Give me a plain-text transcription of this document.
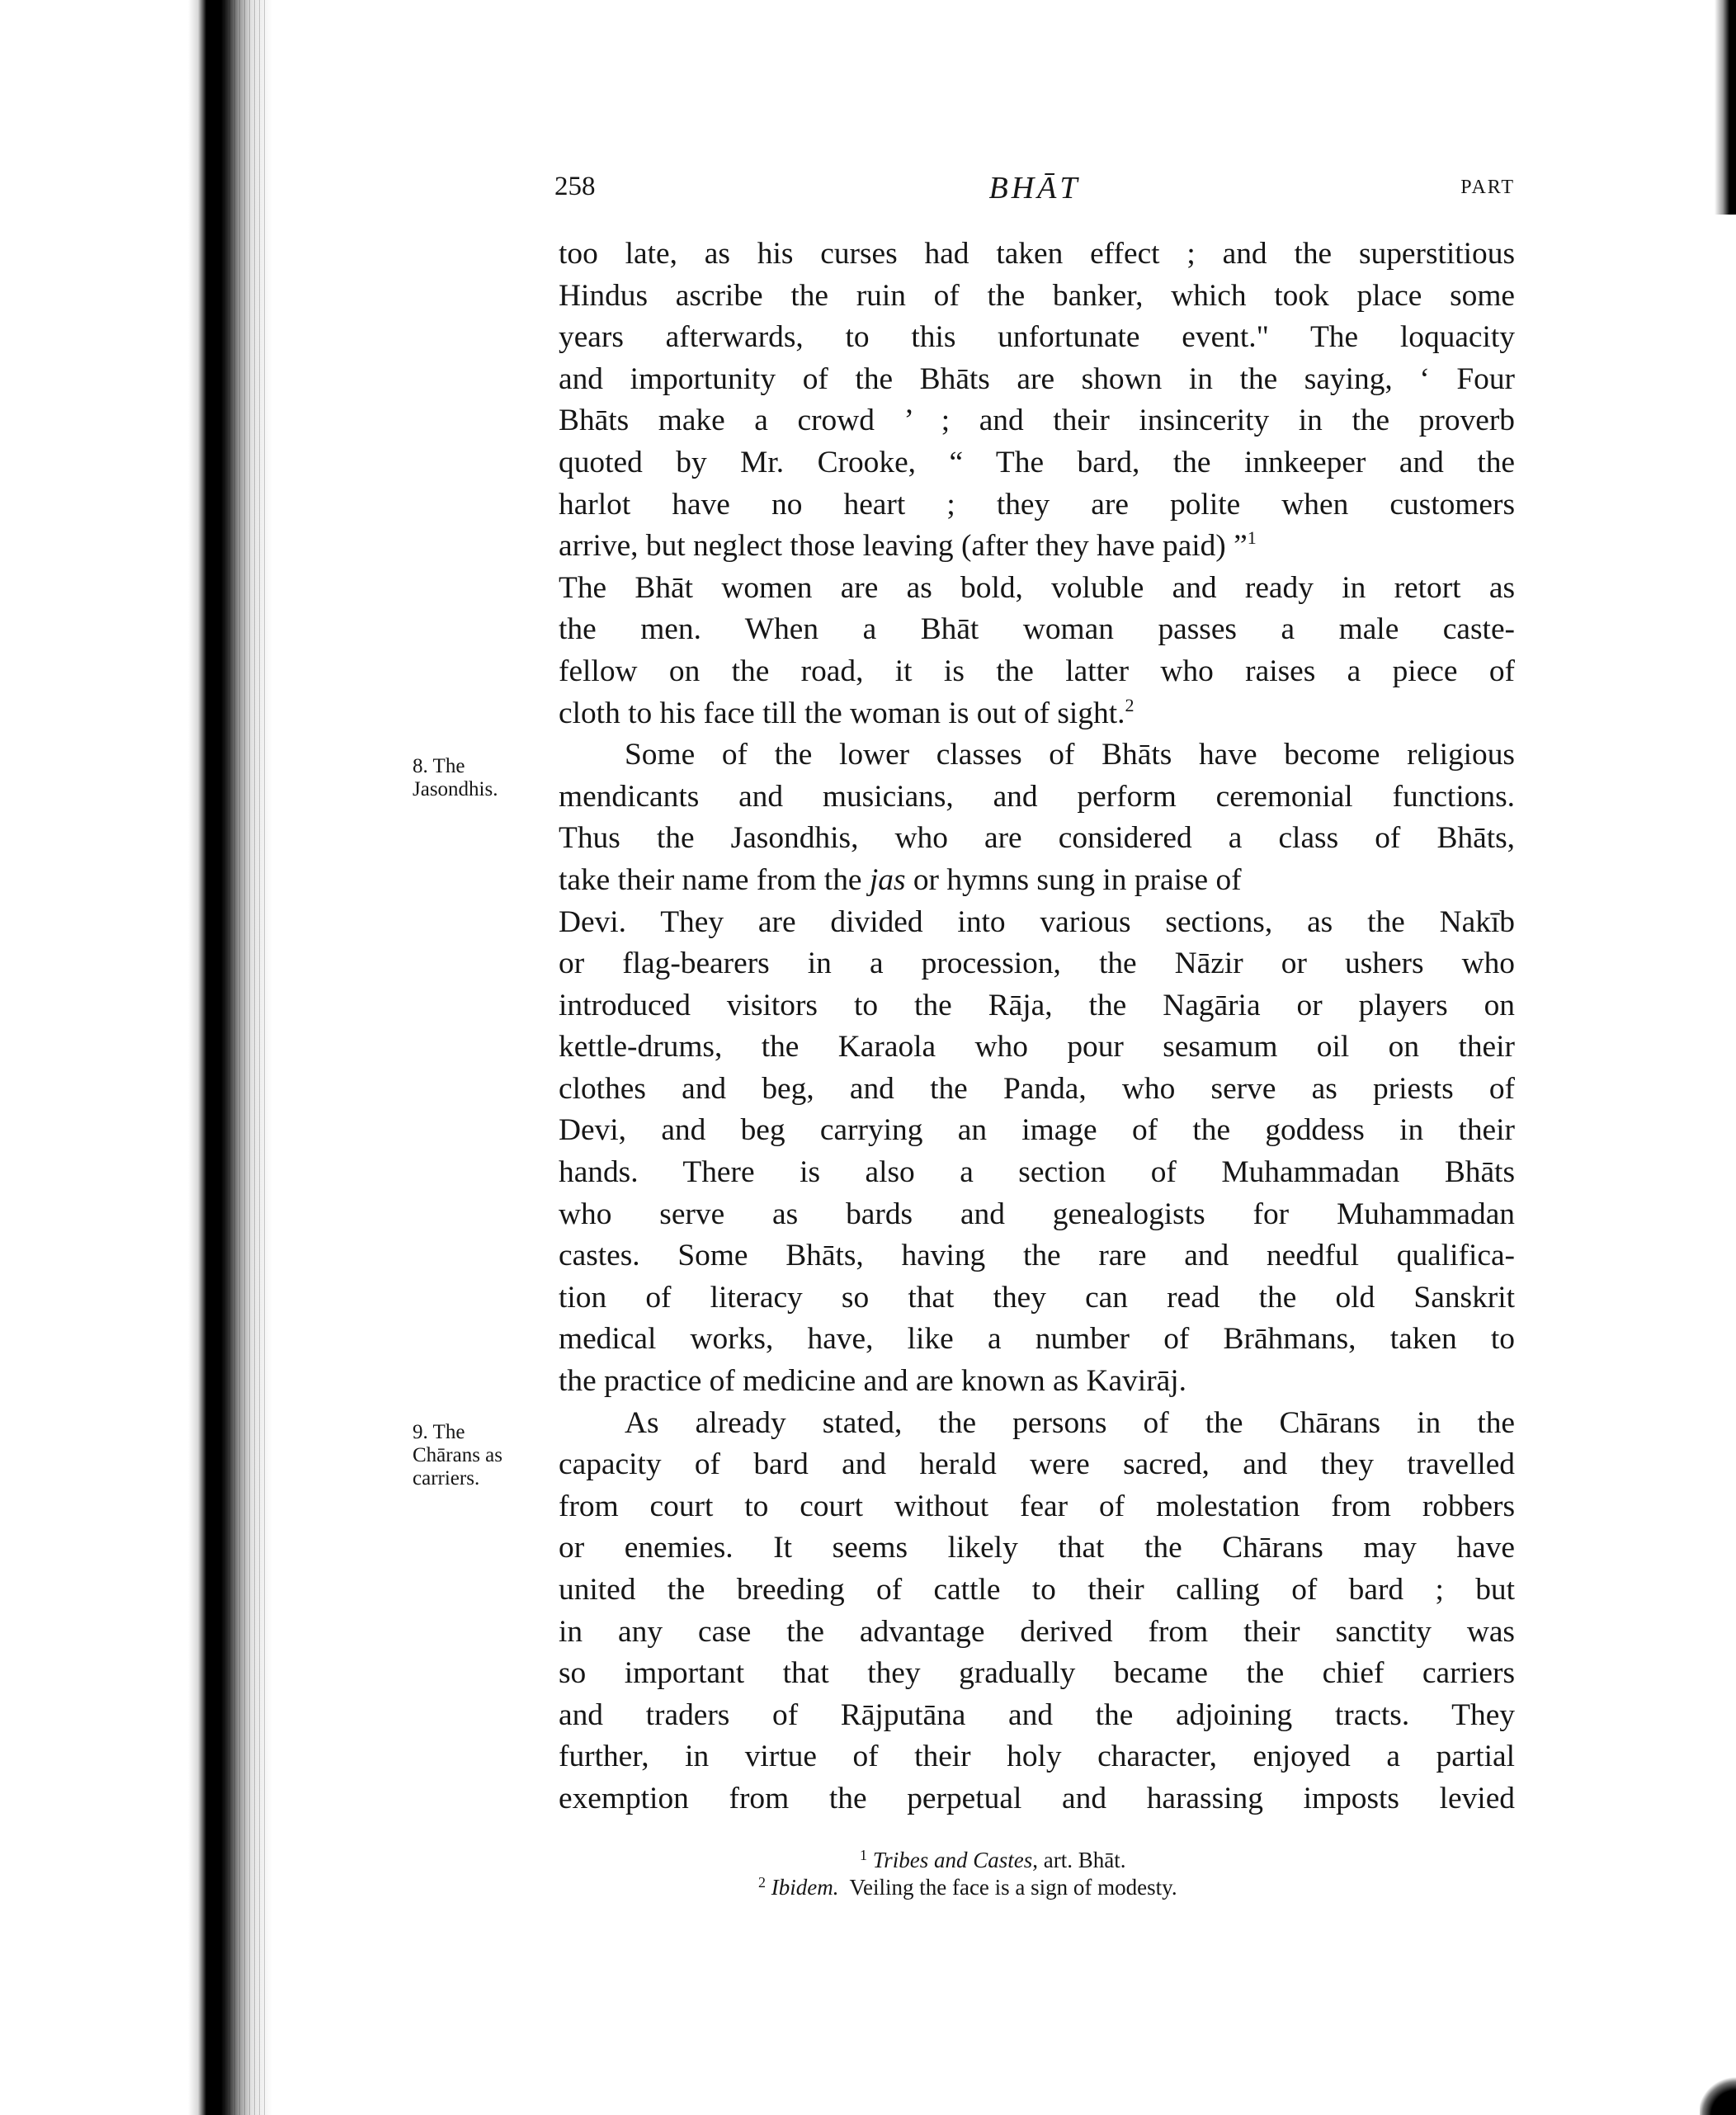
258	BHĀT	PART
8. The
Jasondhis.
9. The
Chārans as
carriers.
too late, as his curses had taken effect ; and the superstitious
Hindus ascribe the ruin of the banker, which took place some
years afterwards, to this unfortunate event." The loquacity
and importunity of the Bhāts are shown in the saying, ‘ Four
Bhāts make a crowd ’ ; and their insincerity in the proverb
quoted by Mr. Crooke, “ The bard, the innkeeper and the
harlot have no heart ; they are polite when customers
arrive, but neglect those leaving (after they have paid) ”$^1$
The Bhāt women are as bold, voluble and ready in retort as
the men. When a Bhāt woman passes a male caste-
fellow on the road, it is the latter who raises a piece of
cloth to his face till the woman is out of sight.$^2$
Some of the lower classes of Bhāts have become religious
mendicants and musicians, and perform ceremonial functions.
Thus the Jasondhis, who are considered a class of Bhāts,
take their name from the jas or hymns sung in praise of
Devi. They are divided into various sections, as the Nakīb
or flag-bearers in a procession, the Nāzir or ushers who
introduced visitors to the Rāja, the Nagāria or players on
kettle-drums, the Karaola who pour sesamum oil on their
clothes and beg, and the Panda, who serve as priests of
Devi, and beg carrying an image of the goddess in their
hands. There is also a section of Muhammadan Bhāts
who serve as bards and genealogists for Muhammadan
castes. Some Bhāts, having the rare and needful qualifica-
tion of literacy so that they can read the old Sanskrit
medical works, have, like a number of Brāhmans, taken to
the practice of medicine and are known as Kavirāj.
As already stated, the persons of the Chārans in the
capacity of bard and herald were sacred, and they travelled
from court to court without fear of molestation from robbers
or enemies. It seems likely that the Chārans may have
united the breeding of cattle to their calling of bard ; but
in any case the advantage derived from their sanctity was
so important that they gradually became the chief carriers
and traders of Rājputāna and the adjoining tracts. They
further, in virtue of their holy character, enjoyed a partial
exemption from the perpetual and harassing imposts levied
$^1$ Tribes and Castes, art. Bhāt.
$^2$ Ibidem.  Veiling the face is a sign of modesty.
